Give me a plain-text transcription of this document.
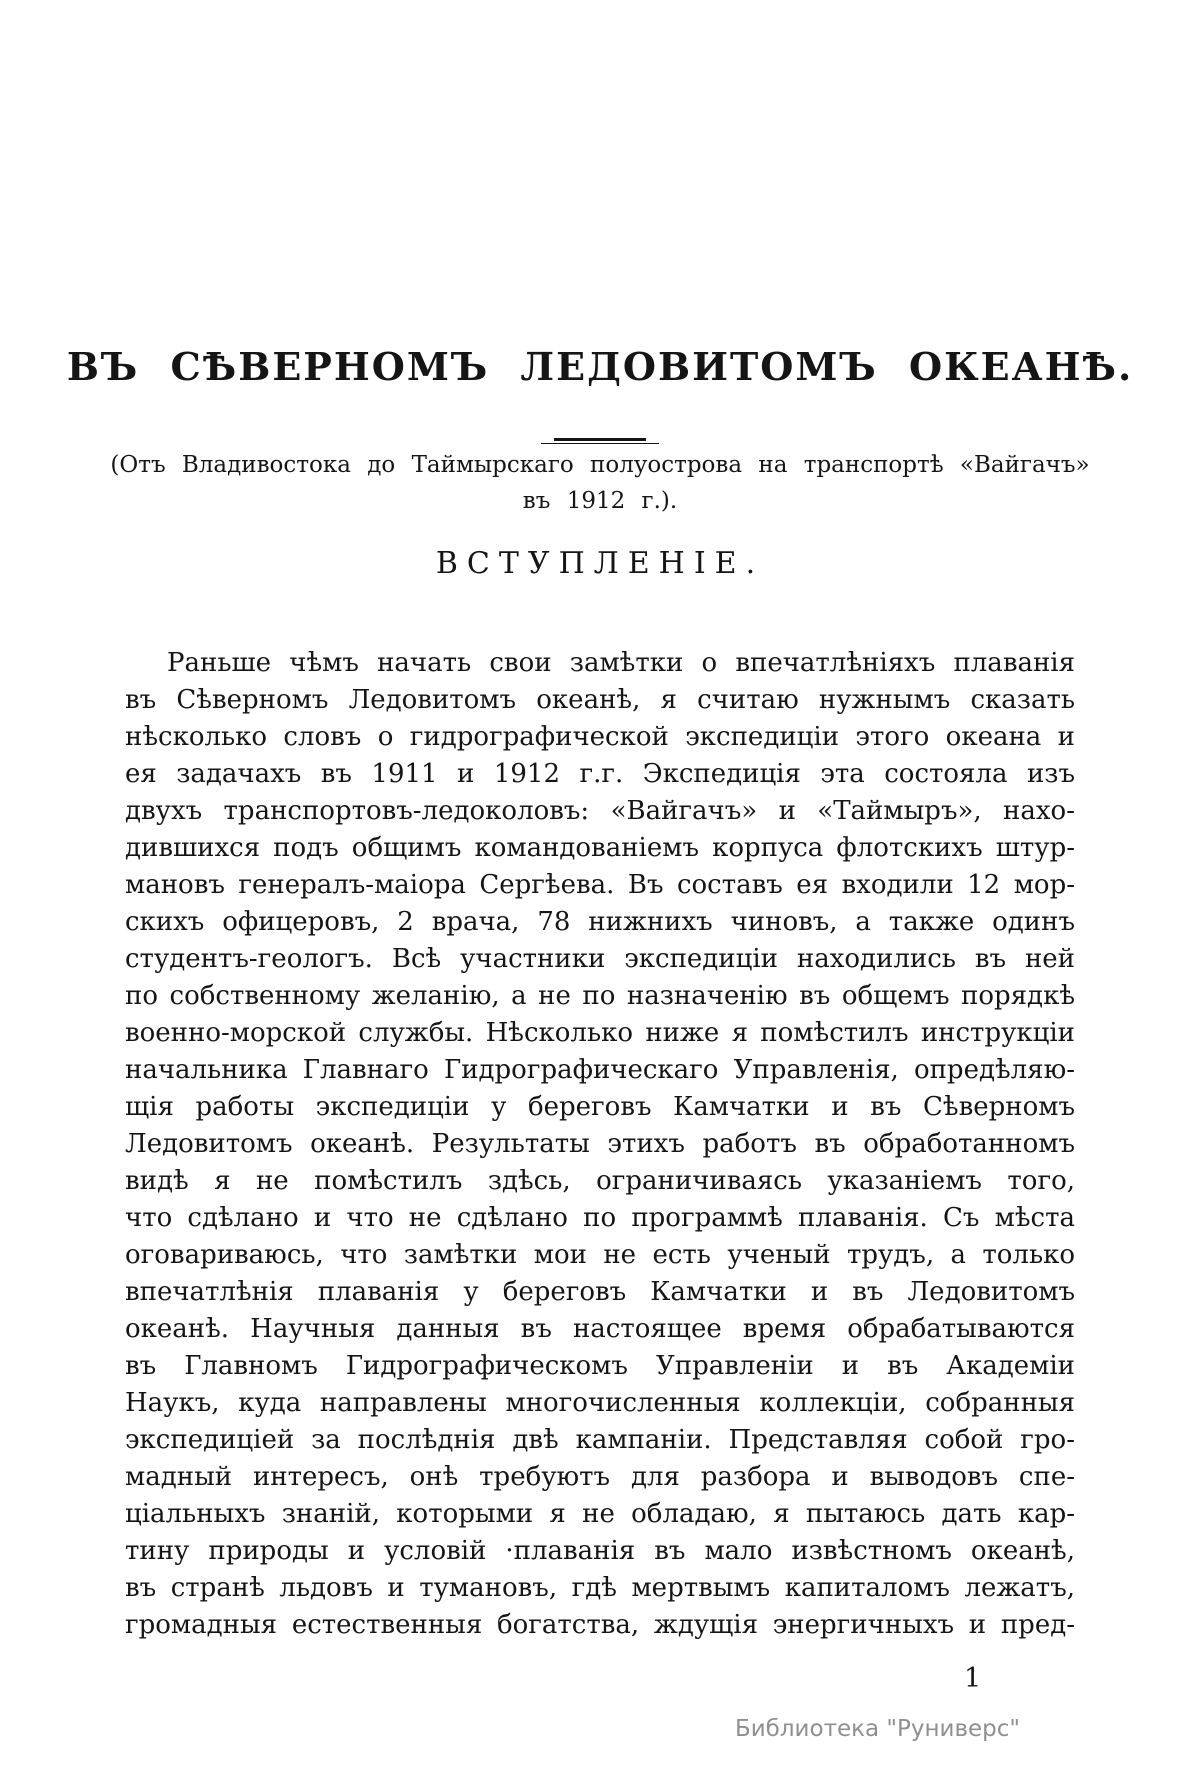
ВЪ СѢВЕРНОМЪ ЛЕДОВИТОМЪ ОКЕАНѢ.
(Отъ Владивостока до Таймырскаго полуострова на транспортѣ «Вайгачъ»
въ 1912 г.).
ВСТУПЛЕНІЕ.
Раньше чѣмъ начать свои замѣтки о впечатлѣніяхъ плаванія
въ Сѣверномъ Ледовитомъ океанѣ, я считаю нужнымъ сказать
нѣсколько словъ о гидрографической экспедиціи этого океана и
ея задачахъ въ 1911 и 1912 г.г. Экспедиція эта состояла изъ
двухъ транспортовъ-ледоколовъ: «Вайгачъ» и «Таймыръ», нахо-
дившихся подъ общимъ командованіемъ корпуса флотскихъ штур-
мановъ генералъ-маіора Сергѣева. Въ составъ ея входили 12 мор-
скихъ офицеровъ, 2 врача, 78 нижнихъ чиновъ, а также одинъ
студентъ-геологъ. Всѣ участники экспедиціи находились въ ней
по собственному желанію, а не по назначенію въ общемъ порядкѣ
военно-морской службы. Нѣсколько ниже я помѣстилъ инструкціи
начальника Главнаго Гидрографическаго Управленія, опредѣляю-
щія работы экспедиціи у береговъ Камчатки и въ Сѣверномъ
Ледовитомъ океанѣ. Результаты этихъ работъ въ обработанномъ
видѣ я не помѣстилъ здѣсь, ограничиваясь указаніемъ того,
что сдѣлано и что не сдѣлано по программѣ плаванія. Съ мѣста
оговариваюсь, что замѣтки мои не есть ученый трудъ, а только
впечатлѣнія плаванія у береговъ Камчатки и въ Ледовитомъ
океанѣ. Научныя данныя въ настоящее время обрабатываются
въ Главномъ Гидрографическомъ Управленіи и въ Академіи
Наукъ, куда направлены многочисленныя коллекціи, собранныя
экспедиціей за послѣднія двѣ кампаніи. Представляя собой гро-
мадный интересъ, онѣ требуютъ для разбора и выводовъ спе-
ціальныхъ знаній, которыми я не обладаю, я пытаюсь дать кар-
тину природы и условій ·плаванія въ мало извѣстномъ океанѣ,
въ странѣ льдовъ и тумановъ, гдѣ мертвымъ капиталомъ лежатъ,
громадныя естественныя богатства, ждущія энергичныхъ и пред-
1
Библиотека "Руниверс"
